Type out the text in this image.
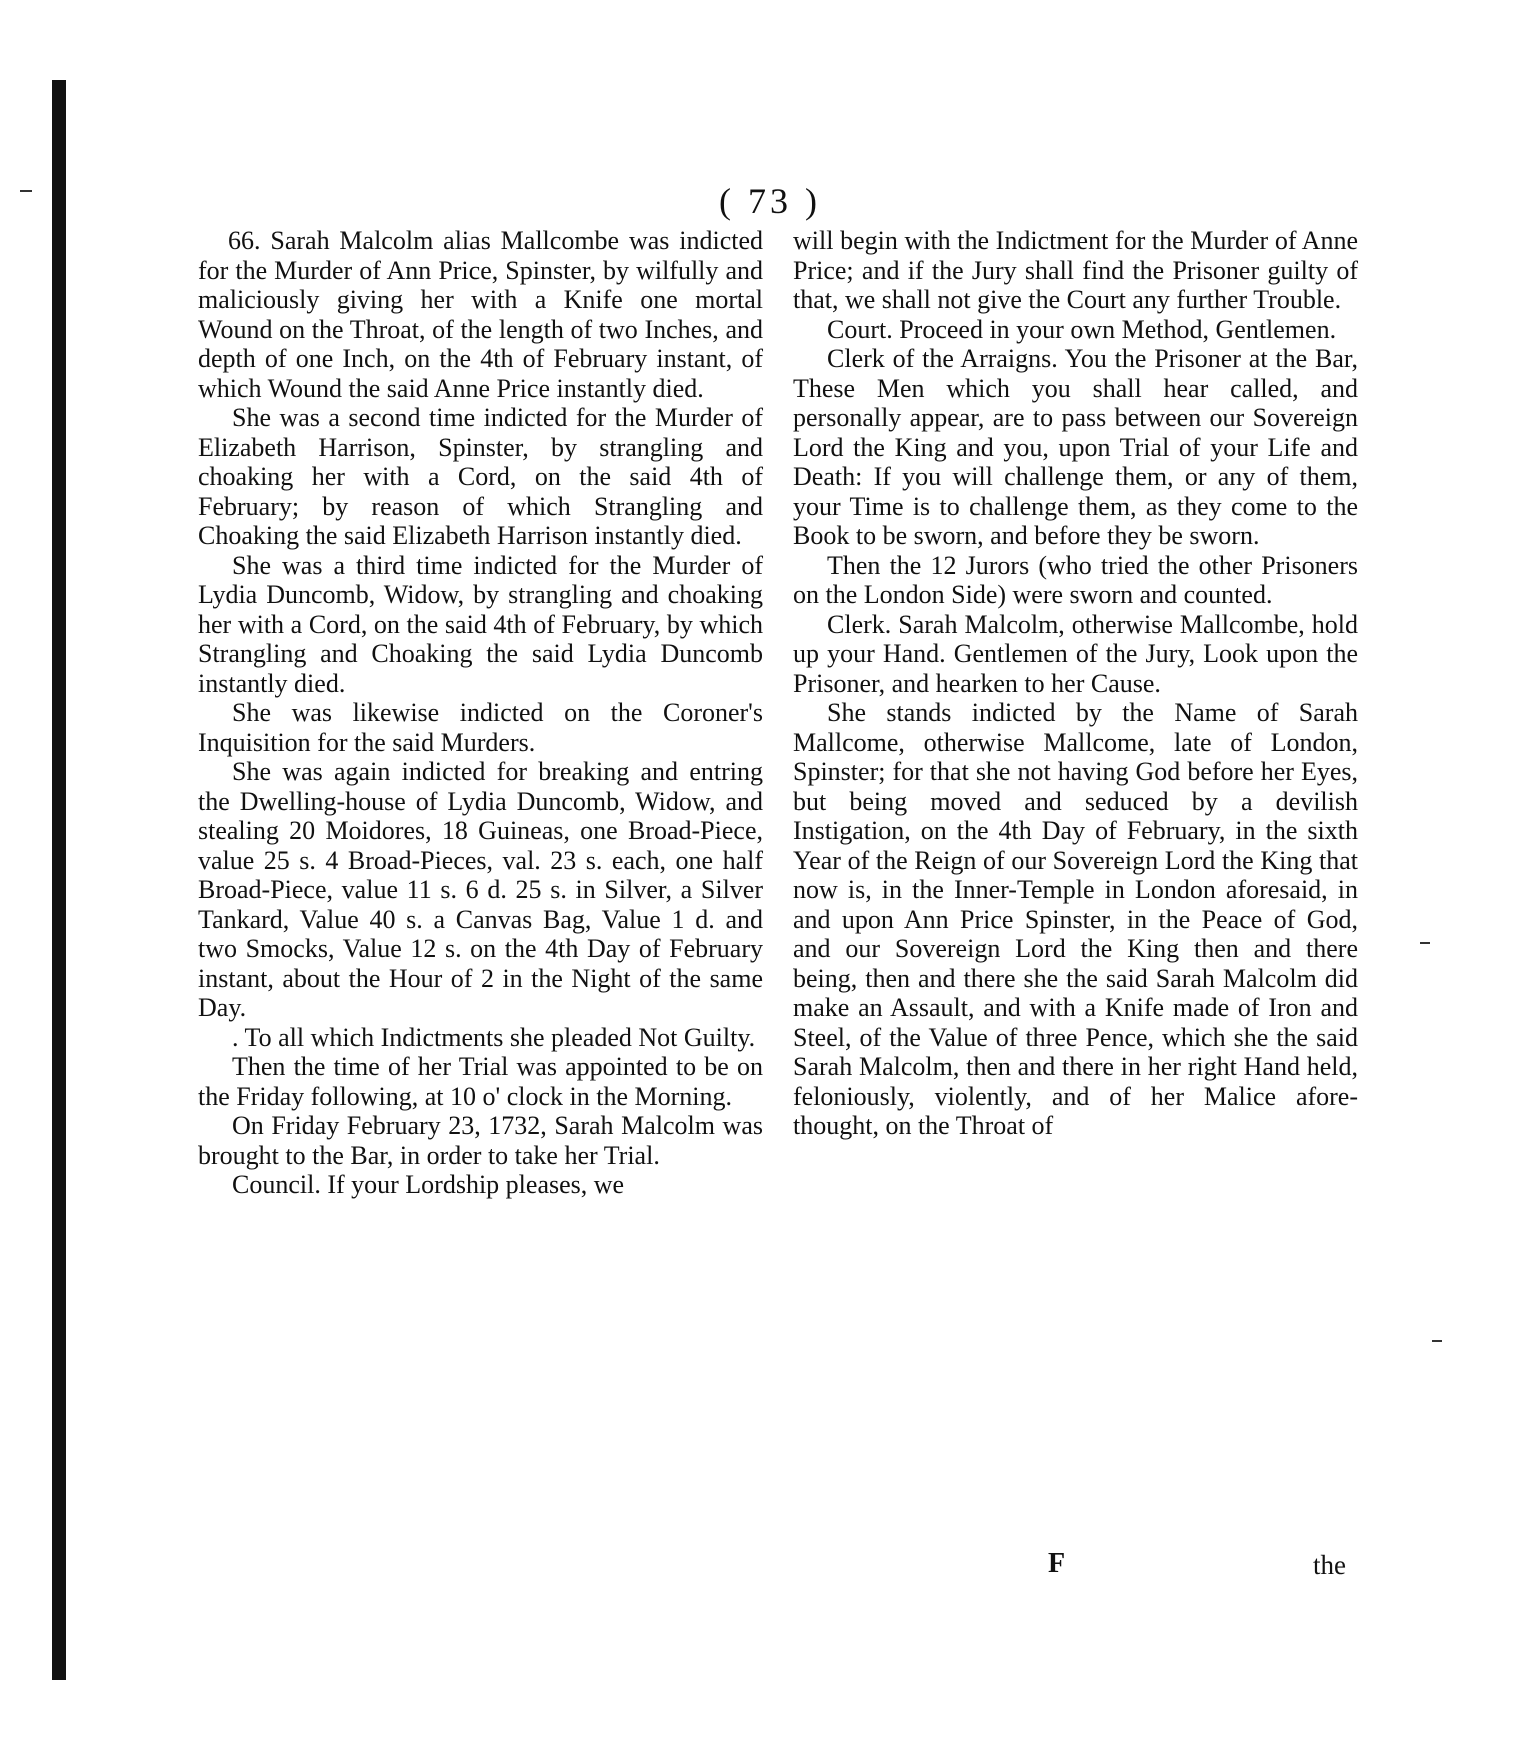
( 73 )

66. Sarah Malcolm alias Mallcombe was indicted for the Murder of Ann Price, Spinster, by wilfully and maliciously giving her with a Knife one mortal Wound on the Throat, of the length of two Inches, and depth of one Inch, on the 4th of February instant, of which Wound the said Anne Price instantly died.

She was a second time indicted for the Murder of Elizabeth Harrison, Spinster, by strangling and choaking her with a Cord, on the said 4th of February; by reason of which Strangling and Choaking the said Elizabeth Harrison instantly died.

She was a third time indicted for the Murder of Lydia Duncomb, Widow, by strangling and choaking her with a Cord, on the said 4th of February, by which Strangling and Choaking the said Lydia Duncomb instantly died.

She was likewise indicted on the Coroner's Inquisition for the said Murders.

She was again indicted for breaking and entring the Dwelling-house of Lydia Duncomb, Widow, and stealing 20 Moidores, 18 Guineas, one Broad-Piece, value 25 s. 4 Broad-Pieces, val. 23 s. each, one half Broad-Piece, value 11 s. 6 d. 25 s. in Silver, a Silver Tankard, Value 40 s. a Canvas Bag, Value 1 d. and two Smocks, Value 12 s. on the 4th Day of February instant, about the Hour of 2 in the Night of the same Day.

. To all which Indictments she pleaded Not Guilty.

Then the time of her Trial was appointed to be on the Friday following, at 10 o' clock in the Morning.

On Friday February 23, 1732, Sarah Malcolm was brought to the Bar, in order to take her Trial.

Council. If your Lordship pleases, we

will begin with the Indictment for the Murder of Anne Price; and if the Jury shall find the Prisoner guilty of that, we shall not give the Court any further Trouble.

Court. Proceed in your own Method, Gentlemen.

Clerk of the Arraigns. You the Prisoner at the Bar, These Men which you shall hear called, and personally appear, are to pass between our Sovereign Lord the King and you, upon Trial of your Life and Death: If you will challenge them, or any of them, your Time is to challenge them, as they come to the Book to be sworn, and before they be sworn.

Then the 12 Jurors (who tried the other Prisoners on the London Side) were sworn and counted.

Clerk. Sarah Malcolm, otherwise Mallcombe, hold up your Hand. Gentlemen of the Jury, Look upon the Prisoner, and hearken to her Cause.

She stands indicted by the Name of Sarah Mallcome, otherwise Mallcome, late of London, Spinster; for that she not having God before her Eyes, but being moved and seduced by a devilish Instigation, on the 4th Day of February, in the sixth Year of the Reign of our Sovereign Lord the King that now is, in the Inner-Temple in London aforesaid, in and upon Ann Price Spinster, in the Peace of God, and our Sovereign Lord the King then and there being, then and there she the said Sarah Malcolm did make an Assault, and with a Knife made of Iron and Steel, of the Value of three Pence, which she the said Sarah Malcolm, then and there in her right Hand held, feloniously, violently, and of her Malice afore-thought, on the Throat of

F	the
